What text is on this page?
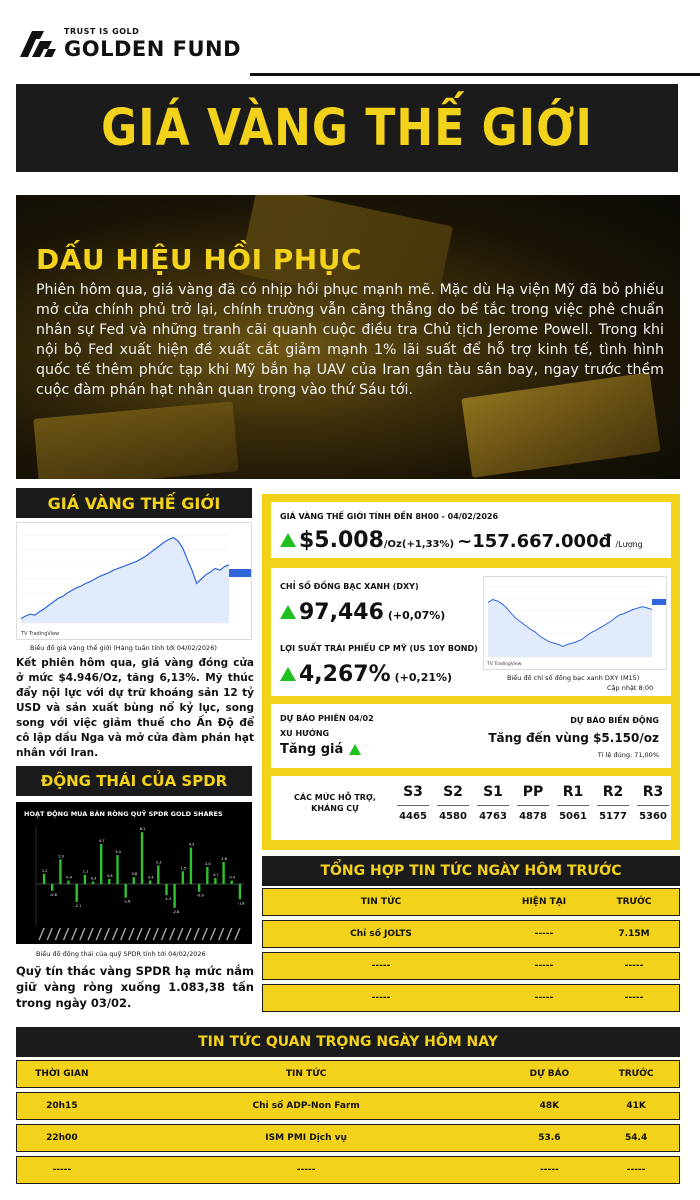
TRUST IS GOLD
GOLDEN FUND
GIÁ VÀNG THẾ GIỚI
DẤU HIỆU HỒI PHỤC
Phiên hôm qua, giá vàng đã có nhịp hồi phục mạnh mẽ. Mặc dù Hạ viện Mỹ đã bỏ phiếu mở cửa chính phủ trở lại, chính trường vẫn căng thẳng do bế tắc trong việc phê chuẩn nhân sự Fed và những tranh cãi quanh cuộc điều tra Chủ tịch Jerome Powell. Trong khi nội bộ Fed xuất hiện đề xuất cắt giảm mạnh 1% lãi suất để hỗ trợ kinh tế, tình hình quốc tế thêm phức tạp khi Mỹ bắn hạ UAV của Iran gần tàu sân bay, ngay trước thềm cuộc đàm phán hạt nhân quan trọng vào thứ Sáu tới.
GIÁ VÀNG THẾ GIỚI
TV TradingView
Biểu đồ giá vàng thế giới (Hàng tuần tính tới 04/02/2026)
Kết phiên hôm qua, giá vàng đóng cửa ở mức $4.946/Oz, tăng 6,13%. Mỹ thúc đẩy nội lực với dự trữ khoáng sản 12 tỷ USD và sản xuất bùng nổ kỷ lục, song song với việc giảm thuế cho Ấn Độ để cô lập dầu Nga và mở cửa đàm phán hạt nhân với Iran.
ĐỘNG THÁI CỦA SPDR
HOẠT ĐỘNG MUA BÁN RÒNG QUỸ SPDR GOLD SHARES
1.2
-0.8
2.9
0.4
-2.1
1.1
0.3
4.7
0.6
3.4
-1.6
0.8
6.1
0.4
2.2
-1.3
-2.8
1.5
4.3
-0.9
2.0
0.7
2.6
0.4
-1.8
Biểu đồ động thái của quỹ SPDR tính tới 04/02/2026
Quỹ tín thác vàng SPDR hạ mức nắm giữ vàng ròng xuống 1.083,38 tấn trong ngày 03/02.
GIÁ VÀNG THẾ GIỚI TÍNH ĐẾN 8H00 - 04/02/2026
$5.008 /Oz (+1,33%) ~157.667.000đ /Lượng
CHỈ SỐ ĐỒNG BẠC XANH (DXY)
97,446 (+0,07%)
LỢI SUẤT TRÁI PHIẾU CP MỸ (US 10Y BOND)
4,267% (+0,21%)
TV TradingView
Biểu đồ chỉ số đồng bạc xanh DXY (M15)
Cập nhật 8:00
DỰ BÁO PHIÊN 04/02
XU HƯỚNG
Tăng giá
DỰ BÁO BIẾN ĐỘNG
Tăng đến vùng $5.150/oz
Tỉ lệ đúng: 71,00%
CÁC MỨC HỖ TRỢ, KHÁNG CỰ
S3
4465
S2
4580
S1
4763
PP
4878
R1
5061
R2
5177
R3
5360
TỔNG HỢP TIN TỨC NGÀY HÔM TRƯỚC
TIN TỨC	HIỆN TẠI	TRƯỚC
Chỉ số JOLTS	-----	7.15M
-----	-----	-----
-----	-----	-----
TIN TỨC QUAN TRỌNG NGÀY HÔM NAY
THỜI GIAN	TIN TỨC	DỰ BÁO	TRƯỚC
20h15	Chỉ số ADP-Non Farm	48K	41K
22h00	ISM PMI Dịch vụ	53.6	54.4
-----	-----	-----	-----
